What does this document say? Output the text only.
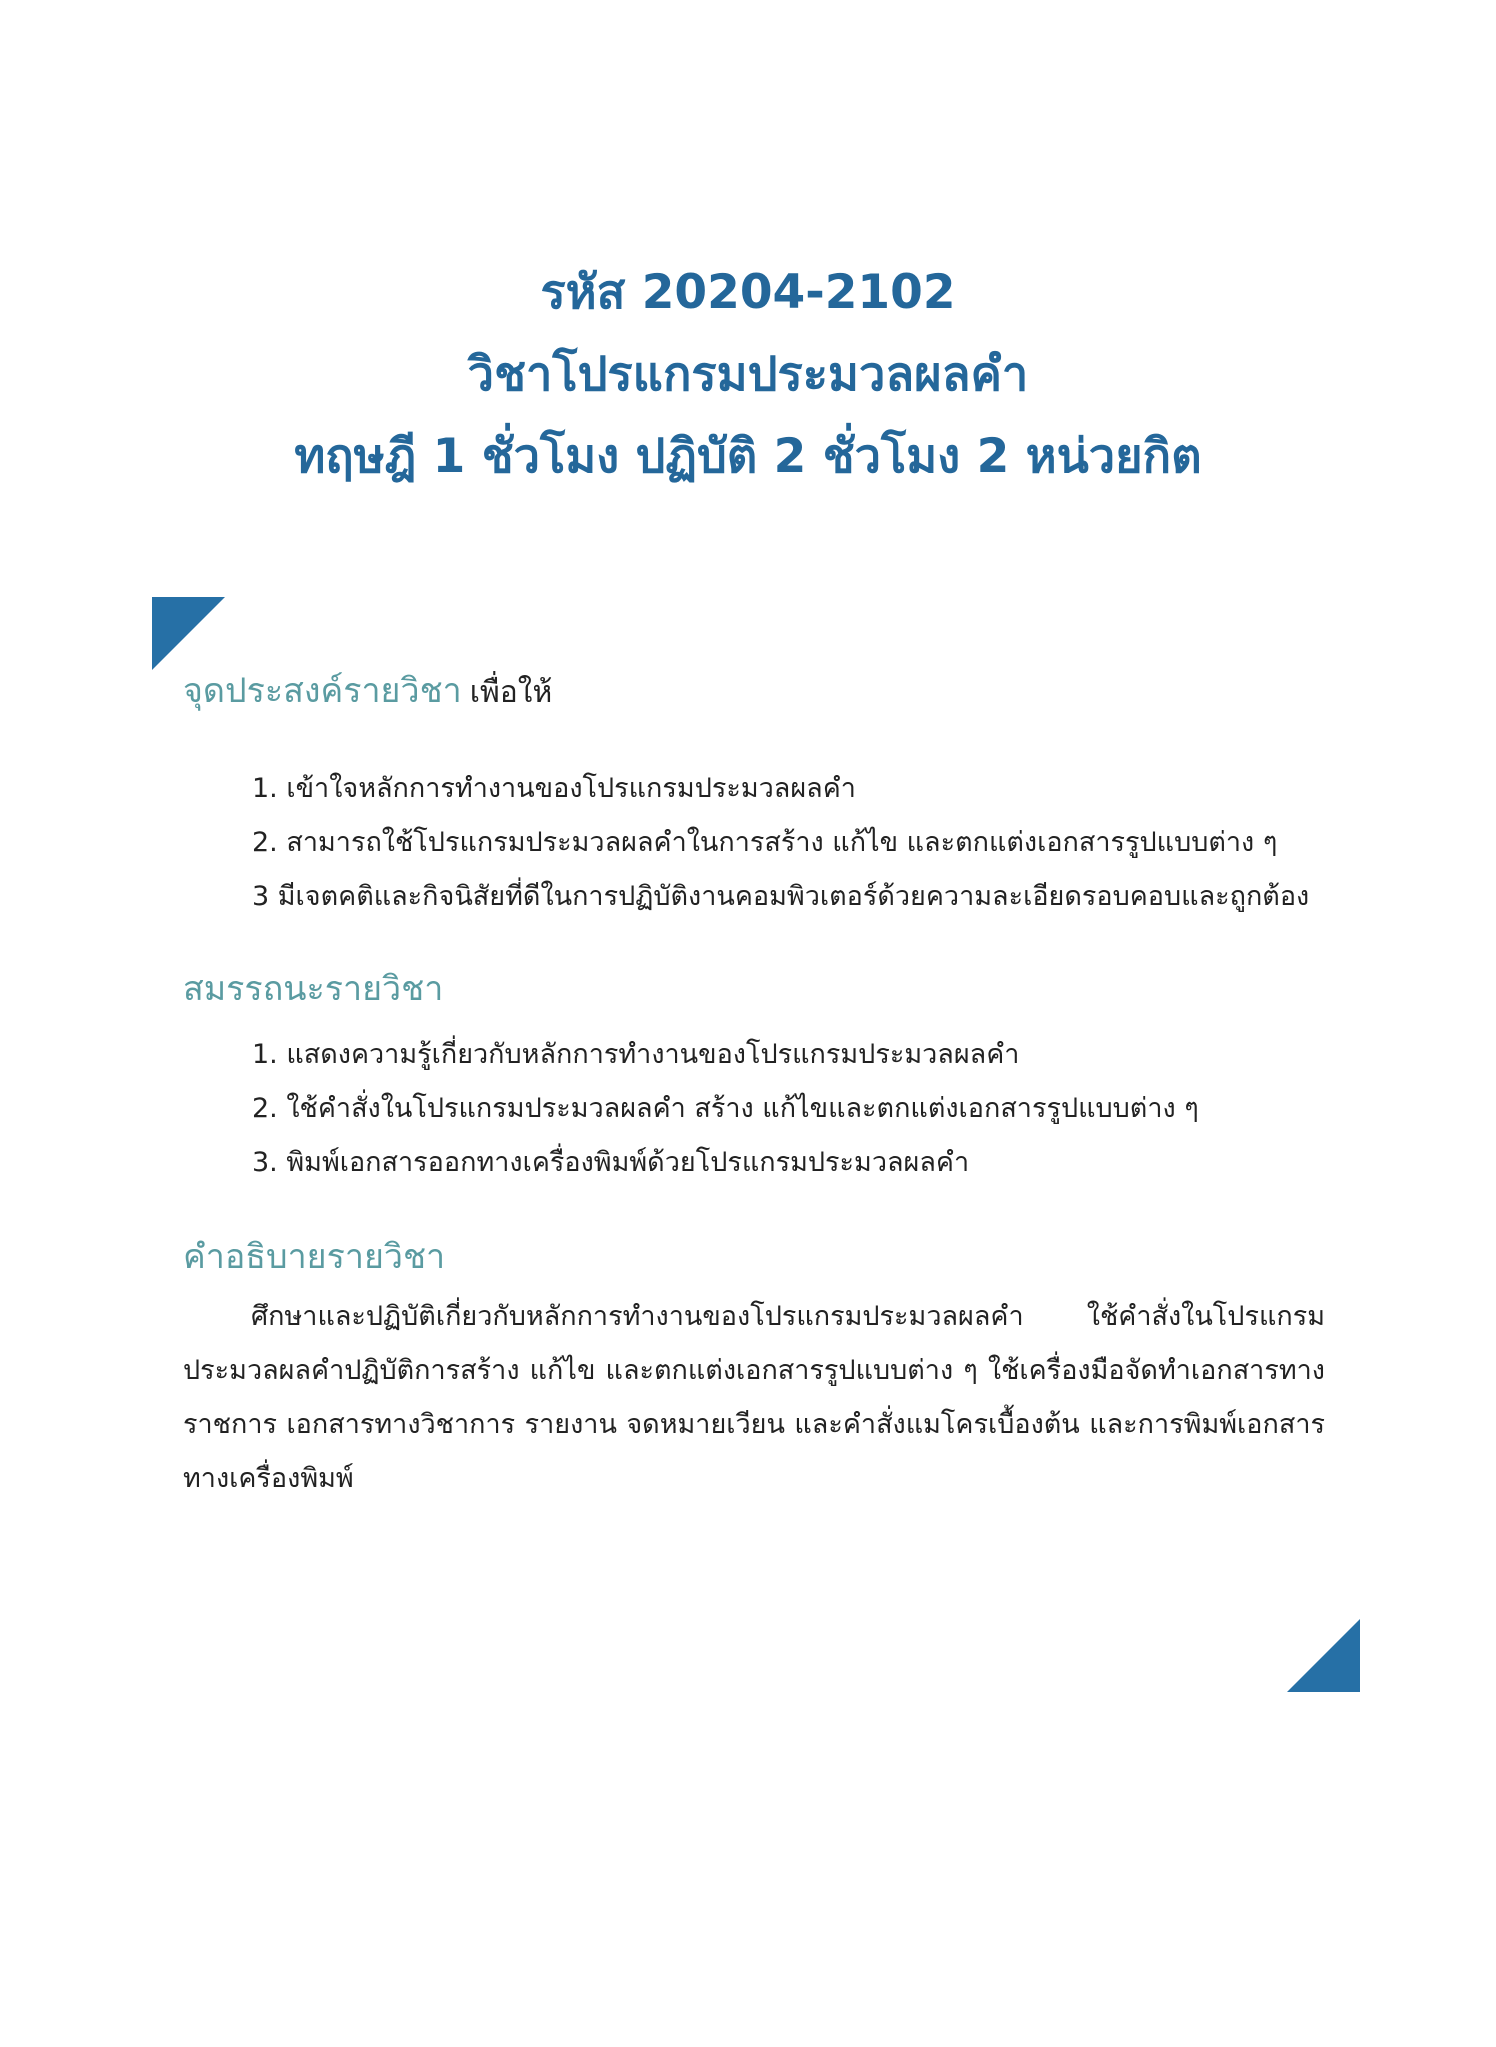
รหัส 20204-2102
วิชาโปรแกรมประมวลผลคำ
ทฤษฎี 1 ชั่วโมง ปฏิบัติ 2 ชั่วโมง 2 หน่วยกิต
จุดประสงค์รายวิชา เพื่อให้
1. เข้าใจหลักการทำงานของโปรแกรมประมวลผลคำ
2. สามารถใช้โปรแกรมประมวลผลคำในการสร้าง แก้ไข และตกแต่งเอกสารรูปแบบต่าง ๆ
3 มีเจตคติและกิจนิสัยที่ดีในการปฏิบัติงานคอมพิวเตอร์ด้วยความละเอียดรอบคอบและถูกต้อง
สมรรถนะรายวิชา
1. แสดงความรู้เกี่ยวกับหลักการทำงานของโปรแกรมประมวลผลคำ
2. ใช้คำสั่งในโปรแกรมประมวลผลคำ สร้าง แก้ไขและตกแต่งเอกสารรูปแบบต่าง ๆ
3. พิมพ์เอกสารออกทางเครื่องพิมพ์ด้วยโปรแกรมประมวลผลคำ
คำอธิบายรายวิชา

ศึกษาและปฏิบัติเกี่ยวกับหลักการทำงานของโปรแกรมประมวลผลคำ ใช้คำสั่งในโปรแกรมประมวลผลคำปฏิบัติการสร้าง แก้ไข และตกแต่งเอกสารรูปแบบต่าง ๆ ใช้เครื่องมือจัดทำเอกสารทางราชการ เอกสารทางวิชาการ รายงาน จดหมายเวียน และคำสั่งแมโครเบื้องต้น และการพิมพ์เอกสารทางเครื่องพิมพ์
